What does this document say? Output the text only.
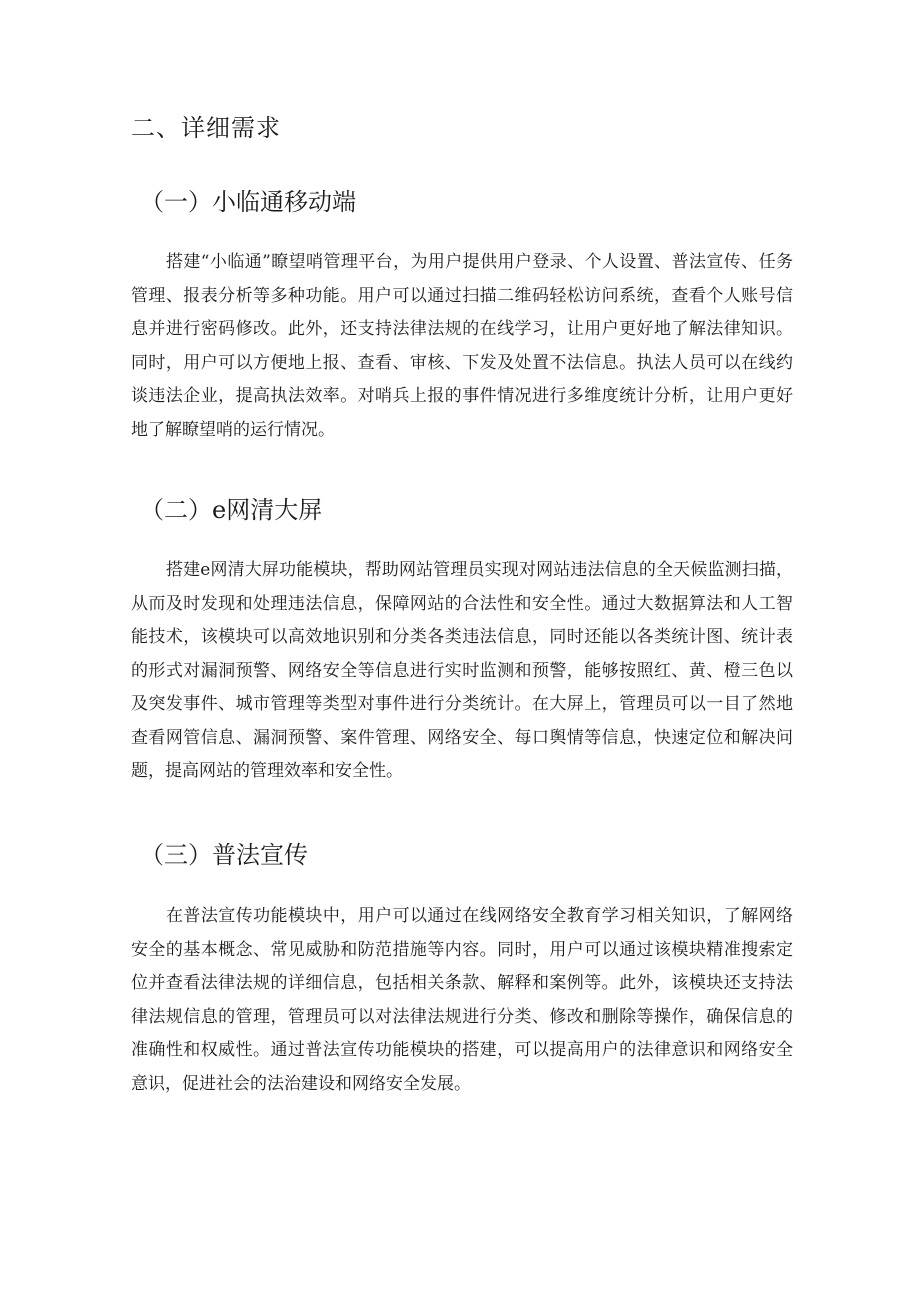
二、详细需求
（一）小临通移动端

搭建“小临通”瞭望哨管理平台，为用户提供用户登录、个人设置、普法宣传、任务管理、报表分析等多种功能。用户可以通过扫描二维码轻松访问系统，查看个人账号信息并进行密码修改。此外，还支持法律法规的在线学习，让用户更好地了解法律知识。同时，用户可以方便地上报、查看、审核、下发及处置不法信息。执法人员可以在线约谈违法企业，提高执法效率。对哨兵上报的事件情况进行多维度统计分析，让用户更好地了解瞭望哨的运行情况。

（二）e网清大屏

搭建e网清大屏功能模块，帮助网站管理员实现对网站违法信息的全天候监测扫描，从而及时发现和处理违法信息，保障网站的合法性和安全性。通过大数据算法和人工智能技术，该模块可以高效地识别和分类各类违法信息，同时还能以各类统计图、统计表的形式对漏洞预警、网络安全等信息进行实时监测和预警，能够按照红、黄、橙三色以及突发事件、城市管理等类型对事件进行分类统计。在大屏上，管理员可以一目了然地查看网管信息、漏洞预警、案件管理、网络安全、每口舆情等信息，快速定位和解决问题，提高网站的管理效率和安全性。

（三）普法宣传

在普法宣传功能模块中，用户可以通过在线网络安全教育学习相关知识，了解网络安全的基本概念、常见威胁和防范措施等内容。同时，用户可以通过该模块精准搜索定位并查看法律法规的详细信息，包括相关条款、解释和案例等。此外，该模块还支持法律法规信息的管理，管理员可以对法律法规进行分类、修改和删除等操作，确保信息的准确性和权威性。通过普法宣传功能模块的搭建，可以提高用户的法律意识和网络安全意识，促进社会的法治建设和网络安全发展。
